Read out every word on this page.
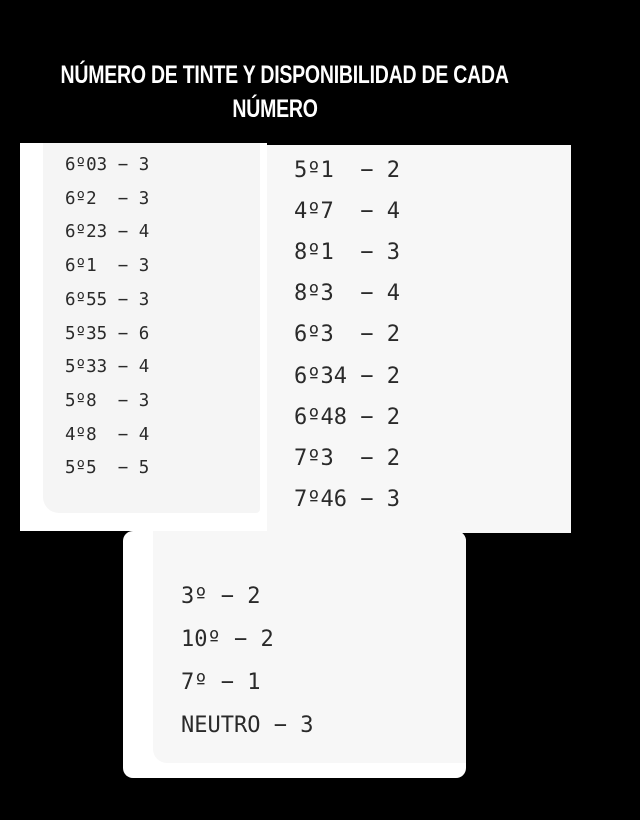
NÚMERO DE TINTE Y DISPONIBILIDAD DE CADA
NÚMERO
6º03 − 3
6º2  − 3
6º23 − 4
6º1  − 3
6º55 − 3
5º35 − 6
5º33 − 4
5º8  − 3
4º8  − 4
5º5  − 5
5º1  − 2
4º7  − 4
8º1  − 3
8º3  − 4
6º3  − 2
6º34 − 2
6º48 − 2
7º3  − 2
7º46 − 3
3º − 2
10º − 2
7º − 1
NEUTRO − 3
